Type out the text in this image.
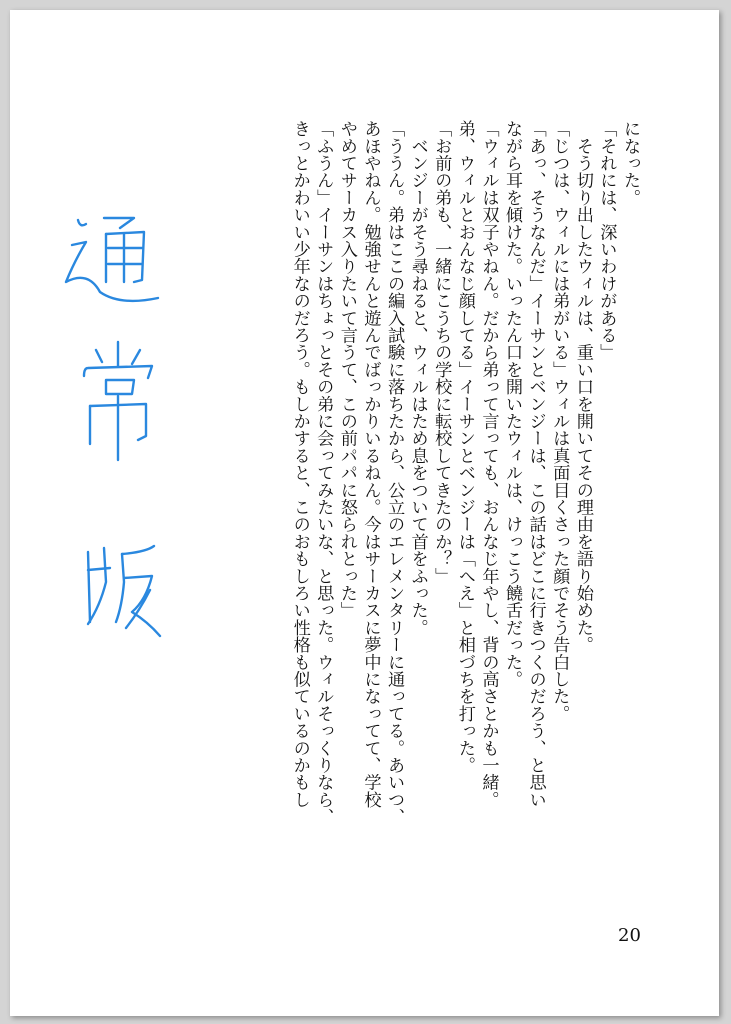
になった。
「それには、深いわけがある」
　そう切り出したウィルは、重い口を開いてその理由を語り始めた。
「じつは、ウィルには弟がいる」ウィルは真面目くさった顔でそう告白した。
「あっ、そうなんだ」イーサンとベンジーは、この話はどこに行きつくのだろう、と思い
ながら耳を傾けた。いったん口を開いたウィルは、けっこう饒舌だった。
「ウィルは双子やねん。だから弟って言っても、おんなじ年やし、背の高さとかも一緒。
弟、ウィルとおんなじ顔してる」イーサンとベンジーは「へえ」と相づちを打った。
「お前の弟も、一緒にこうちの学校に転校してきたのか？」
　ベンジーがそう尋ねると、ウィルはため息をついて首をふった。
「ううん。弟はここの編入試験に落ちたから、公立のエレメンタリーに通ってる。あいつ、
あほやねん。勉強せんと遊んでばっかりいるねん。今はサーカスに夢中になってて、学校
やめてサーカス入りたいて言うて、この前パパに怒られとった」
「ふうん」イーサンはちょっとその弟に会ってみたいな、と思った。ウィルそっくりなら、
きっとかわいい少年なのだろう。もしかすると、このおもしろい性格も似ているのかもし
20
